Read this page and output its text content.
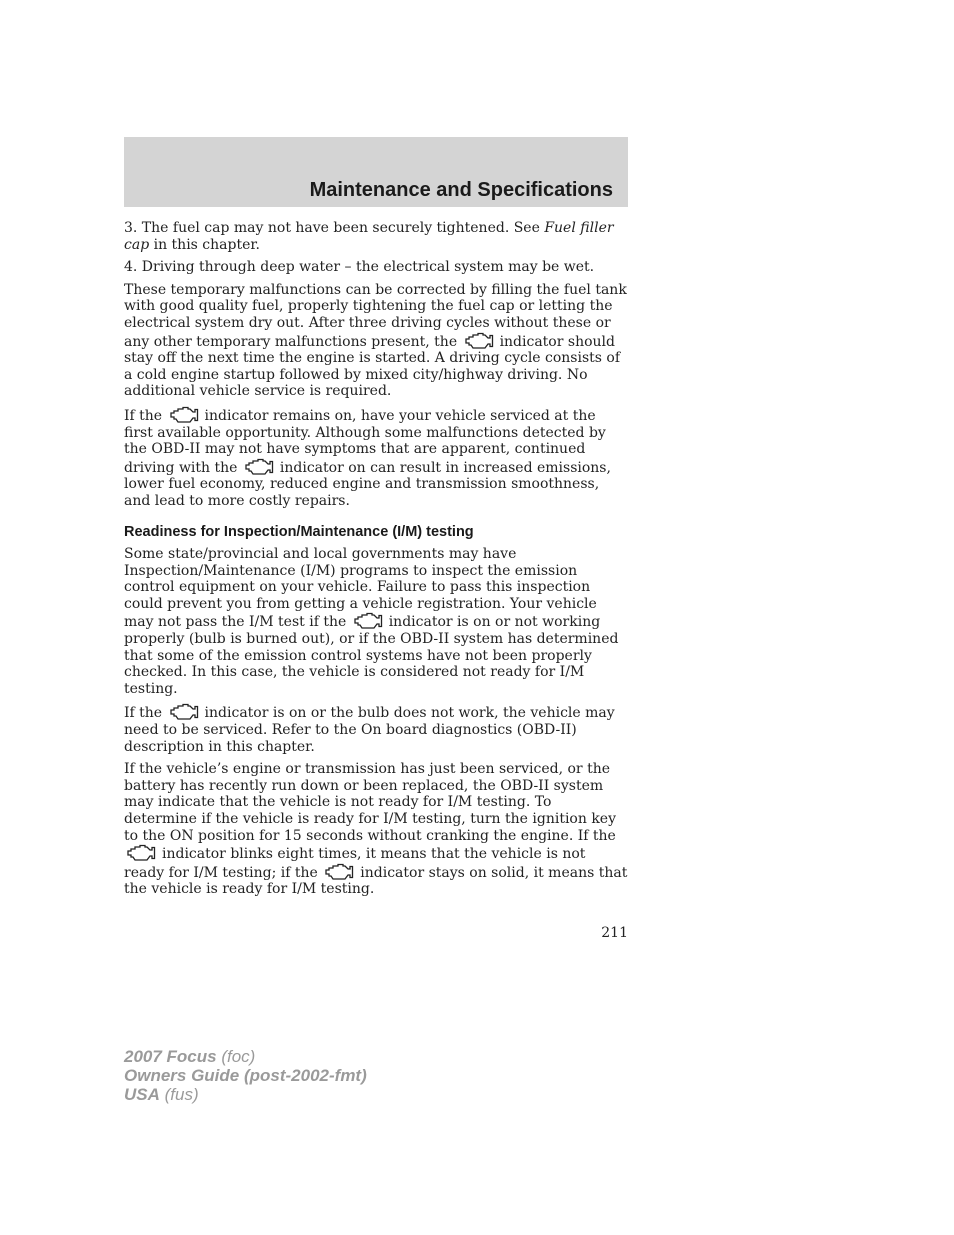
Maintenance and Specifications

3. The fuel cap may not have been securely tightened. See Fuel filler cap in this chapter.

4. Driving through deep water – the electrical system may be wet.

These temporary malfunctions can be corrected by filling the fuel tank with good quality fuel, properly tightening the fuel cap or letting the electrical system dry out. After three driving cycles without these or any other temporary malfunctions present, the	indicator should stay off the next time the engine is started. A driving cycle consists of a cold engine startup followed by mixed city/highway driving. No additional vehicle service is required.

If the	indicator remains on, have your vehicle serviced at the first available opportunity. Although some malfunctions detected by the OBD-II may not have symptoms that are apparent, continued driving with the	indicator on can result in increased emissions, lower fuel economy, reduced engine and transmission smoothness, and lead to more costly repairs.

Readiness for Inspection/Maintenance (I/M) testing

Some state/provincial and local governments may have Inspection/Maintenance (I/M) programs to inspect the emission control equipment on your vehicle. Failure to pass this inspection could prevent you from getting a vehicle registration. Your vehicle may not pass the I/M test if the	indicator is on or not working properly (bulb is burned out), or if the OBD-II system has determined that some of the emission control systems have not been properly checked. In this case, the vehicle is considered not ready for I/M testing.

If the	indicator is on or the bulb does not work, the vehicle may need to be serviced. Refer to the On board diagnostics (OBD-II) description in this chapter.

If the vehicle’s engine or transmission has just been serviced, or the battery has recently run down or been replaced, the OBD-II system may indicate that the vehicle is not ready for I/M testing. To determine if the vehicle is ready for I/M testing, turn the ignition key to the ON position for 15 seconds without cranking the engine. If the
indicator blinks eight times, it means that the vehicle is not ready for I/M testing; if the	indicator stays on solid, it means that the vehicle is ready for I/M testing.

211
2007 Focus (foc)
Owners Guide (post-2002-fmt)
USA (fus)
